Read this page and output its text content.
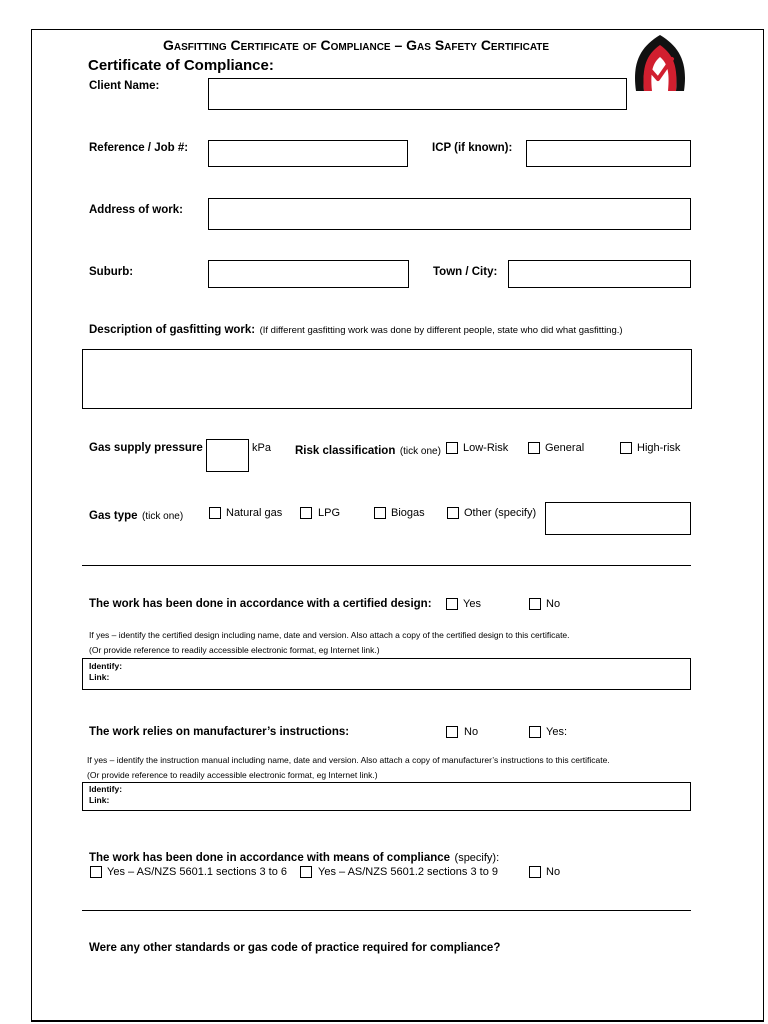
Gasfitting Certificate of Compliance – Gas Safety Certificate
Certificate of Compliance:
Client Name:
Reference / Job #:	ICP (if known):
Address of work:
Suburb:	Town / City:
Description of gasfitting work: (If different gasfitting work was done by different people, state who did what gasfitting.)
Gas supply pressure	kPa Risk classification (tick one) Low-Risk	General	High-risk
Gas type (tick one)	Natural gas	LPG	Biogas	Other (specify)
The work has been done in accordance with a certified design:	Yes	No
If yes – identify the certified design including name, date and version. Also attach a copy of the certified design to this certificate.
(Or provide reference to readily accessible electronic format, eg Internet link.)
Identify:
Link:
The work relies on manufacturer’s instructions:	No	Yes:
If yes – identify the instruction manual including name, date and version. Also attach a copy of manufacturer’s instructions to this certificate.
(Or provide reference to readily accessible electronic format, eg Internet link.)
Identify:
Link:
The work has been done in accordance with means of compliance (specify):
Yes – AS/NZS 5601.1 sections 3 to 6	Yes – AS/NZS 5601.2 sections 3 to 9	No
Were any other standards or gas code of practice required for compliance?
